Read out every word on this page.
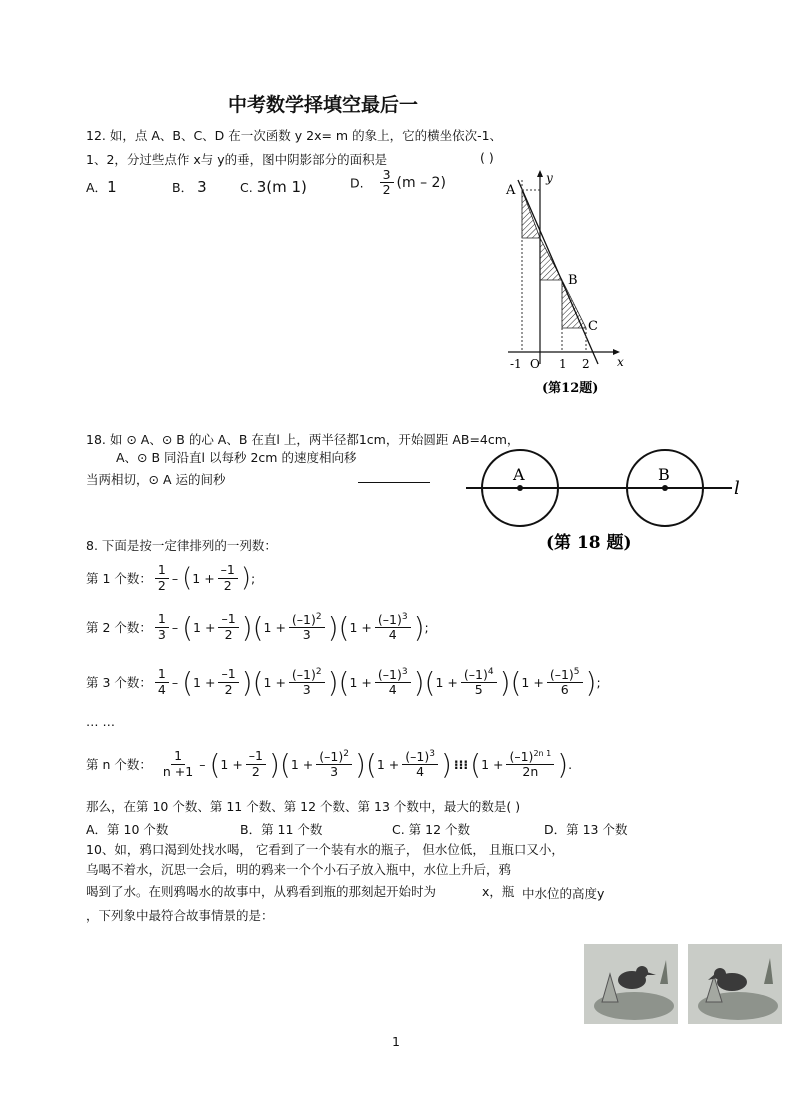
中考数学择填空最后一
12. 如，点 A、B、C、D 在一次函数 y 2x= m 的象上，它的横坐依次-1、
1、2，分过些点作 x与 y的垂，图中阴影部分的面积是	( )
A．1	B． 3	C. 3(m 1)	D. $\frac{3}{2} (m - 2)$	y
x
A
B
C
-1 O 1 2
(第12题)
18. 如 ⊙ A、⊙ B 的心 A、B 在直l 上，两半径都1cm，开始圆距 AB=4cm，
A、⊙ B 同沿直l 以每秒 2cm 的速度相向移
当两相切，⊙ A 运的间秒	A	B
l
(第 18 题)
8. 下面是按一定律排列的一列数：
第 1 个数： $\frac{1}{2}$ – ( $1 + \frac{-1}{2}$ ) ;
第 2 个数： $\frac{1}{3}$ – ( $1 + \frac{-1}{2}$ )( $1 + \frac{(-1)^2}{3}$ )( $1 + \frac{(-1)^3}{4}$ ) ;
第 3 个数： $\frac{1}{4}$ – ( $1 + \frac{-1}{2}$ )( $1 + \frac{(-1)^2}{3}$ )( $1 + \frac{(-1)^3}{4}$ )( $1 + \frac{(-1)^4}{5}$ )( $1 + \frac{(-1)^5}{6}$ ) ;
… …
第 n 个数： $\frac{1}{n +1}$ – ( $1 + \frac{-1}{2}$ )( $1 + \frac{(-1)^2}{3}$ )( $1 + \frac{(-1)^3}{4}$ ) ⁝⁝⁝ ( $1 + \frac{(-1)^{2n 1}}{2n}$ ) .
那么，在第 10 个数、第 11 个数、第 12 个数、第 13 个数中，最大的数是( )
A．第 10 个数	B．第 11 个数	C. 第 12 个数	D．第 13 个数
10、如，鸦口渴到处找水喝， 它看到了一个装有水的瓶子， 但水位低， 且瓶口又小，
乌喝不着水，沉思一会后，明的鸦来一个个小石子放入瓶中，水位上升后，鸦
喝到了水。在则鸦喝水的故事中，从鸦看到瓶的那刻起开始时为	x，瓶 中水位的高度y
，下列象中最符合故事情景的是：
1
